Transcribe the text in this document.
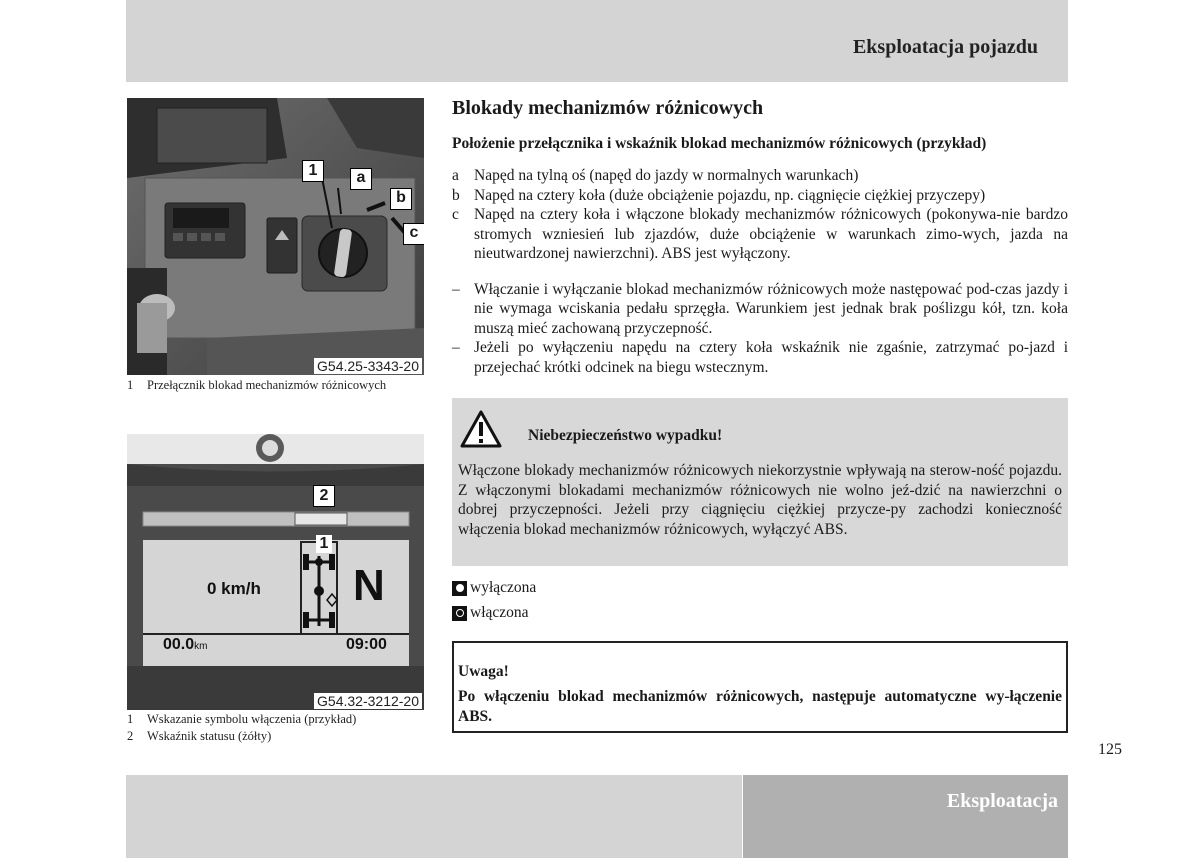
Eksploatacja pojazdu
1	a
b
c
G54.25-3343-20
1 Przełącznik blokad mechanizmów różnicowych
2
1
0 km/h N
00.0km	09:00
G54.32-3212-20
1 Wskazanie symbolu włączenia (przykład)
2 Wskaźnik statusu (żółty)
Blokady mechanizmów różnicowych
Położenie przełącznika i wskaźnik blokad mechanizmów różnicowych (przykład)
a Napęd na tylną oś (napęd do jazdy w normalnych warunkach)
b Napęd na cztery koła (duże obciążenie pojazdu, np. ciągnięcie ciężkiej przyczepy)
c Napęd na cztery koła i włączone blokady mechanizmów różnicowych (pokonywa-nie bardzo stromych wzniesień lub zjazdów, duże obciążenie w warunkach zimo-wych, jazda na nieutwardzonej nawierzchni). ABS jest wyłączony.
– Włączanie i wyłączanie blokad mechanizmów różnicowych może następować pod-czas jazdy i nie wymaga wciskania pedału sprzęgła. Warunkiem jest jednak brak poślizgu kół, tzn. koła muszą mieć zachowaną przyczepność.
– Jeżeli po wyłączeniu napędu na cztery koła wskaźnik nie zgaśnie, zatrzymać po-jazd i przejechać krótki odcinek na biegu wstecznym.
Niebezpieczeństwo wypadku!
Włączone blokady mechanizmów różnicowych niekorzystnie wpływają na sterow-ność pojazdu. Z włączonymi blokadami mechanizmów różnicowych nie wolno jeź-dzić na nawierzchni o dobrej przyczepności. Jeżeli przy ciągnięciu ciężkiej przycze-py zachodzi konieczność włączenia blokad mechanizmów różnicowych, wyłączyć ABS.
wyłączona
włączona
Uwaga!
Po włączeniu blokad mechanizmów różnicowych, następuje automatyczne wy-łączenie ABS.
125
Eksploatacja
